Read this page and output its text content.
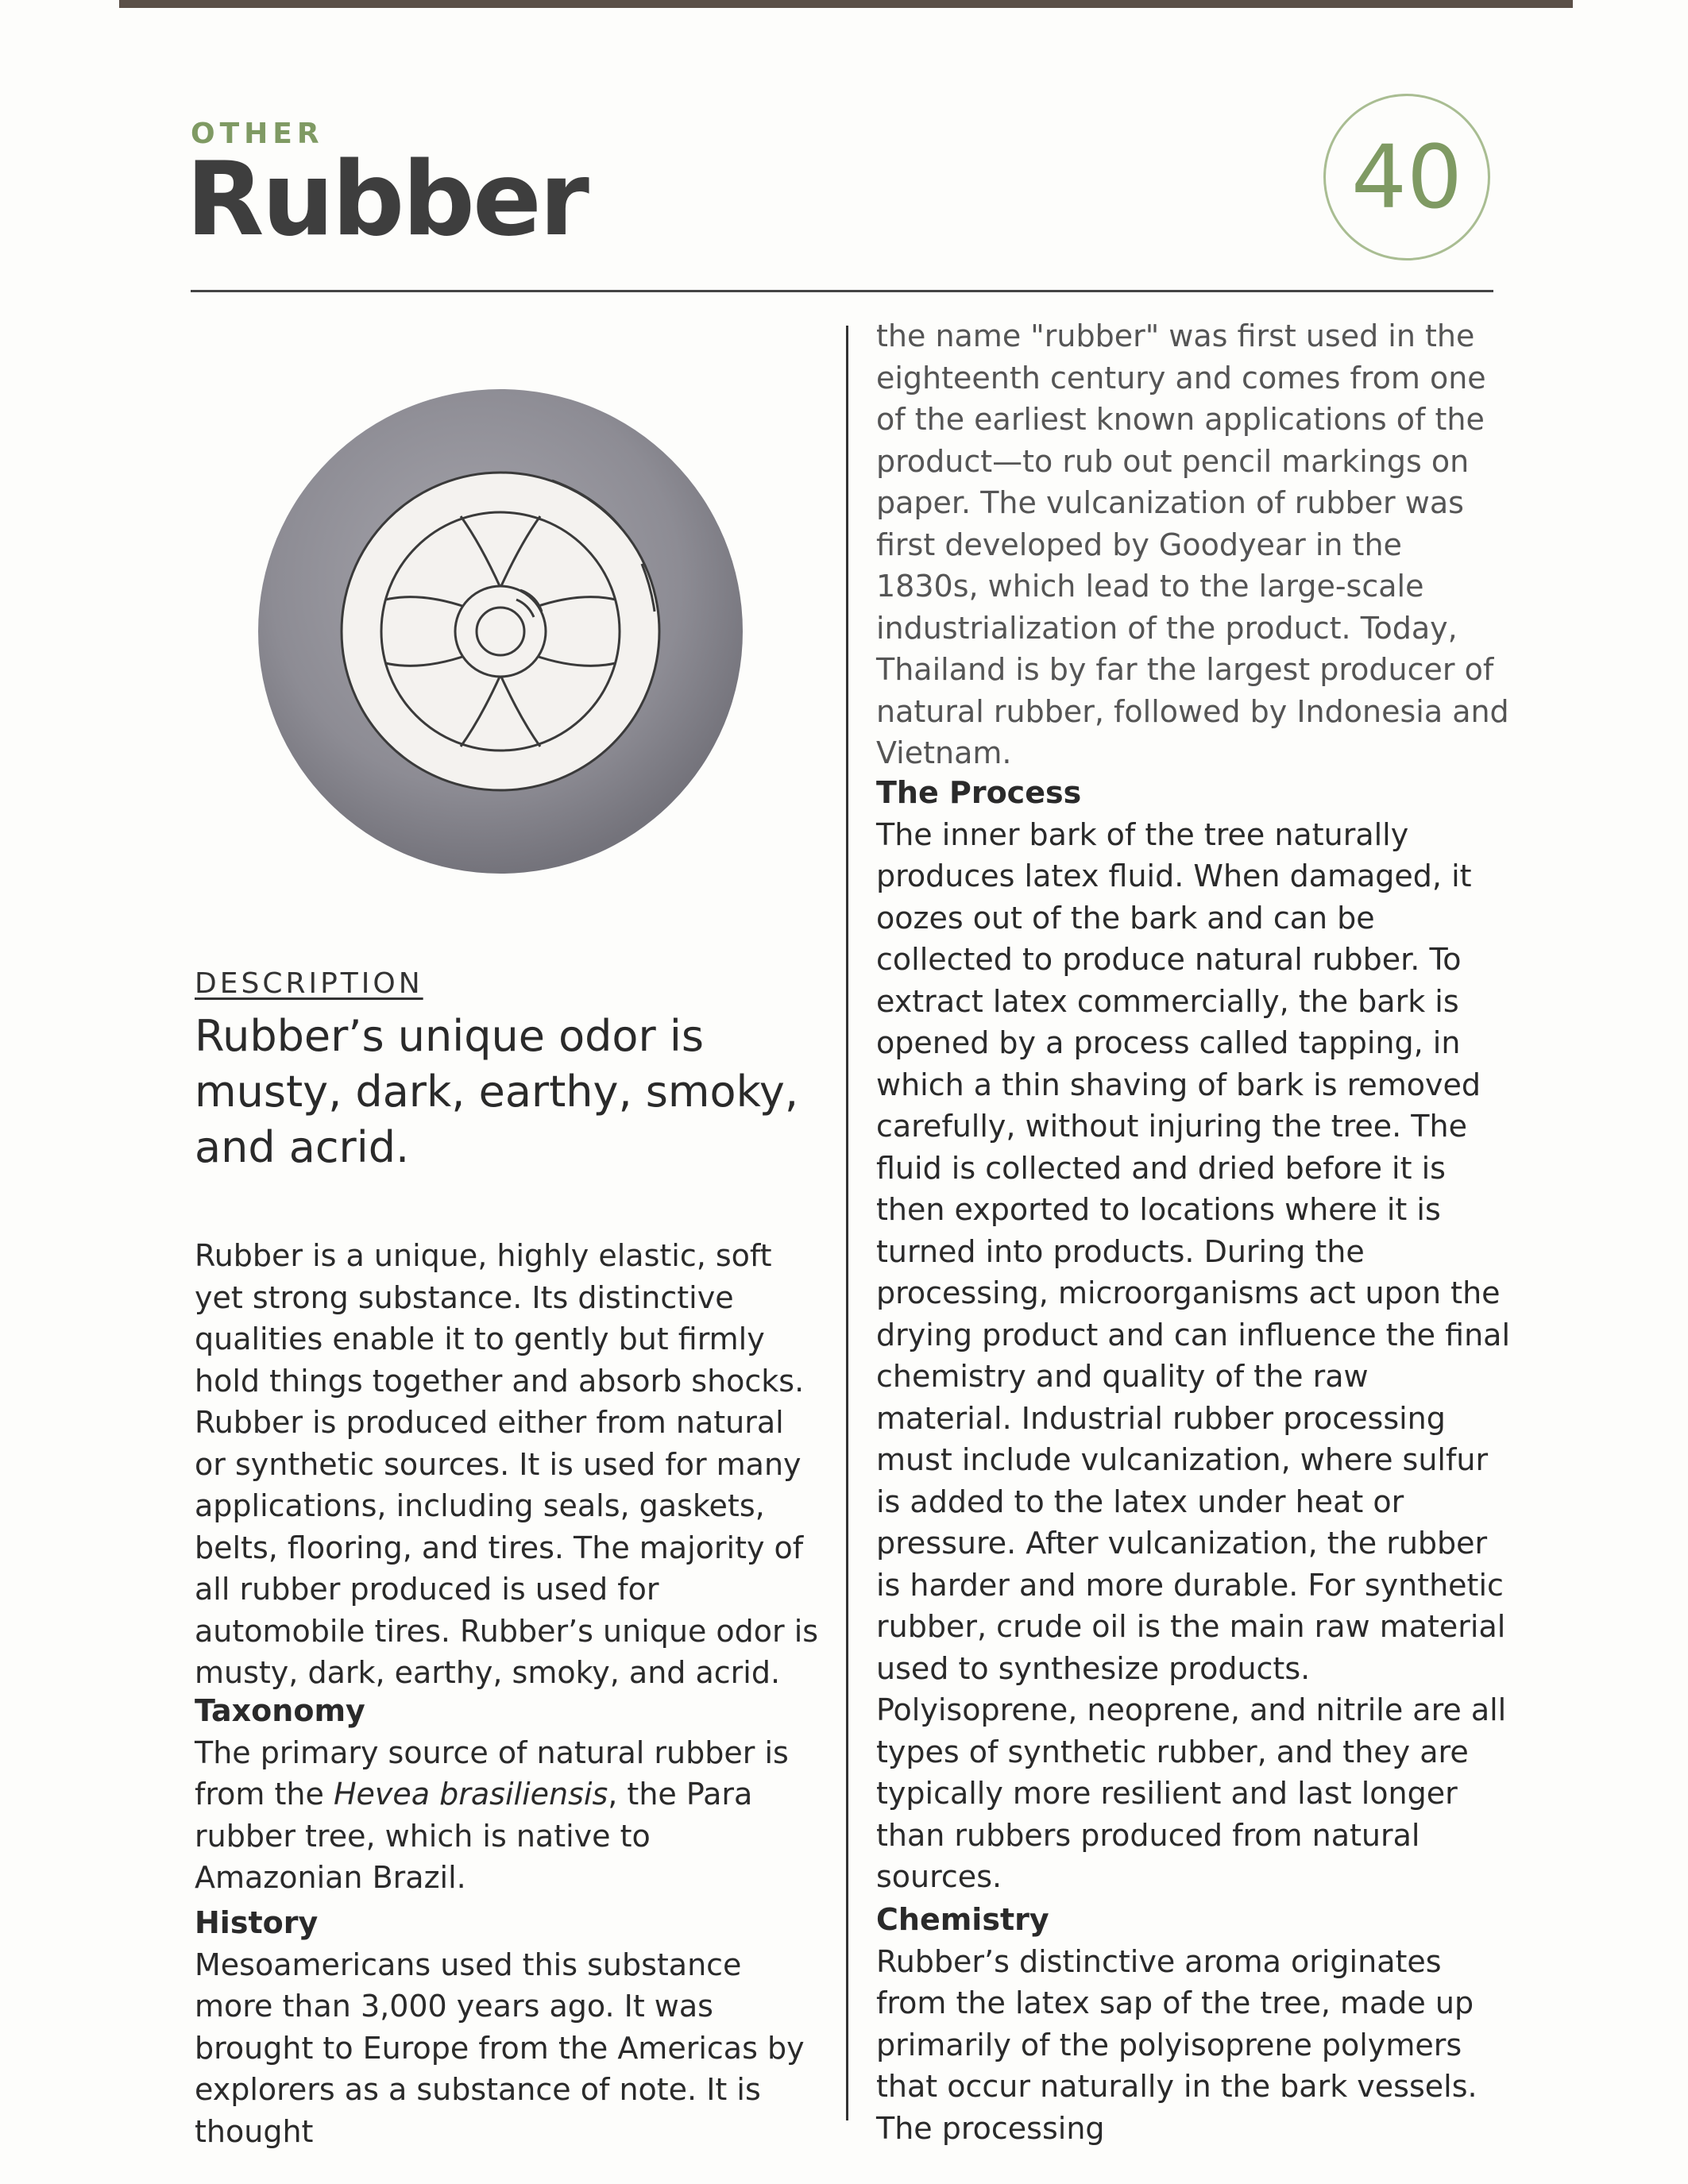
OTHER
Rubber	40
DESCRIPTION
Rubber’s unique odor is musty, dark, earthy, smoky, and acrid.
Rubber is a unique, highly elastic, soft yet strong substance. Its distinctive qualities enable it to gently but firmly hold things together and absorb shocks. Rubber is produced either from natural or synthetic sources. It is used for many applications, including seals, gaskets, belts, flooring, and tires. The majority of all rubber produced is used for automobile tires. Rubber’s unique odor is musty, dark, earthy, smoky, and acrid.
Taxonomy
The primary source of natural rubber is from the Hevea brasiliensis, the Para rubber tree, which is native to Amazonian Brazil.
History
Mesoamericans used this substance more than 3,000 years ago. It was brought to Europe from the Americas by explorers as a substance of note. It is thought
the name "rubber" was first used in the eighteenth century and comes from one of the earliest known applications of the product—to rub out pencil markings on paper. The vulcanization of rubber was first developed by Goodyear in the 1830s, which lead to the large-scale industrialization of the product. Today, Thailand is by far the largest producer of natural rubber, followed by Indonesia and Vietnam.
The Process
The inner bark of the tree naturally produces latex fluid. When damaged, it oozes out of the bark and can be collected to produce natural rubber. To extract latex commercially, the bark is opened by a process called tapping, in which a thin shaving of bark is removed carefully, without injuring the tree. The fluid is collected and dried before it is then exported to locations where it is turned into products. During the processing, microorganisms act upon the drying product and can influence the final chemistry and quality of the raw material. Industrial rubber processing must include vulcanization, where sulfur is added to the latex under heat or pressure. After vulcanization, the rubber is harder and more durable. For synthetic rubber, crude oil is the main raw material used to synthesize products. Polyisoprene, neoprene, and nitrile are all types of synthetic rubber, and they are typically more resilient and last longer than rubbers produced from natural sources.
Chemistry
Rubber’s distinctive aroma originates from the latex sap of the tree, made up primarily of the polyisoprene polymers that occur naturally in the bark vessels. The processing
